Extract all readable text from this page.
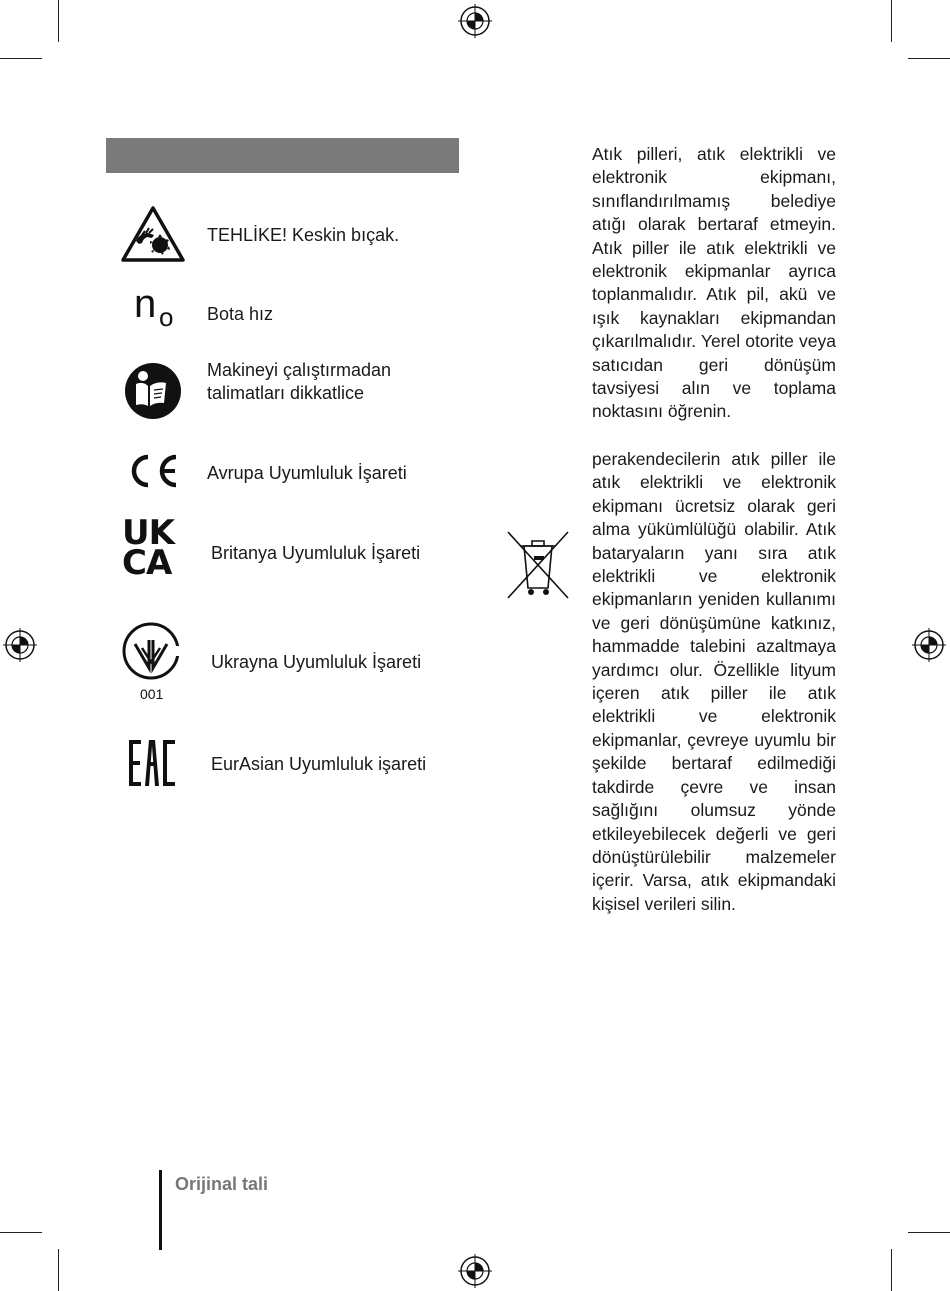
TEHLİKE! Keskin bıçak.
n o Bota hız
Makineyi çalıştırmadan
talimatları dikkatlice
Avrupa Uyumluluk İşareti
UK
CA	Britanya Uyumluluk İşareti
001
Ukrayna Uyumluluk İşareti
EurAsian Uyumluluk işareti

Atık pilleri, atık elektrikli ve elektronik ekipmanı, sınıflandırılmamış belediye atığı olarak bertaraf etmeyin. Atık piller ile atık elektrikli ve elektronik ekipmanlar ayrıca toplanmalıdır. Atık pil, akü ve ışık kaynakları ekipmandan çıkarılmalıdır. Yerel otorite veya satıcıdan geri dönüşüm tavsiyesi alın ve toplama noktasını öğrenin.

perakendecilerin atık piller ile atık elektrikli ve elektronik ekipmanı ücretsiz olarak geri alma yükümlülüğü olabilir. Atık bataryaların yanı sıra atık elektrikli ve elektronik ekipmanların yeniden kullanımı ve geri dönüşümüne katkınız, hammadde talebini azaltmaya yardımcı olur. Özellikle lityum içeren atık piller ile atık elektrikli ve elektronik ekipmanlar, çevreye uyumlu bir şekilde bertaraf edilmediği takdirde çevre ve insan sağlığını olumsuz yönde etkileyebilecek değerli ve geri dönüştürülebilir malzemeler içerir. Varsa, atık ekipmandaki kişisel verileri silin.

Orijinal tali
